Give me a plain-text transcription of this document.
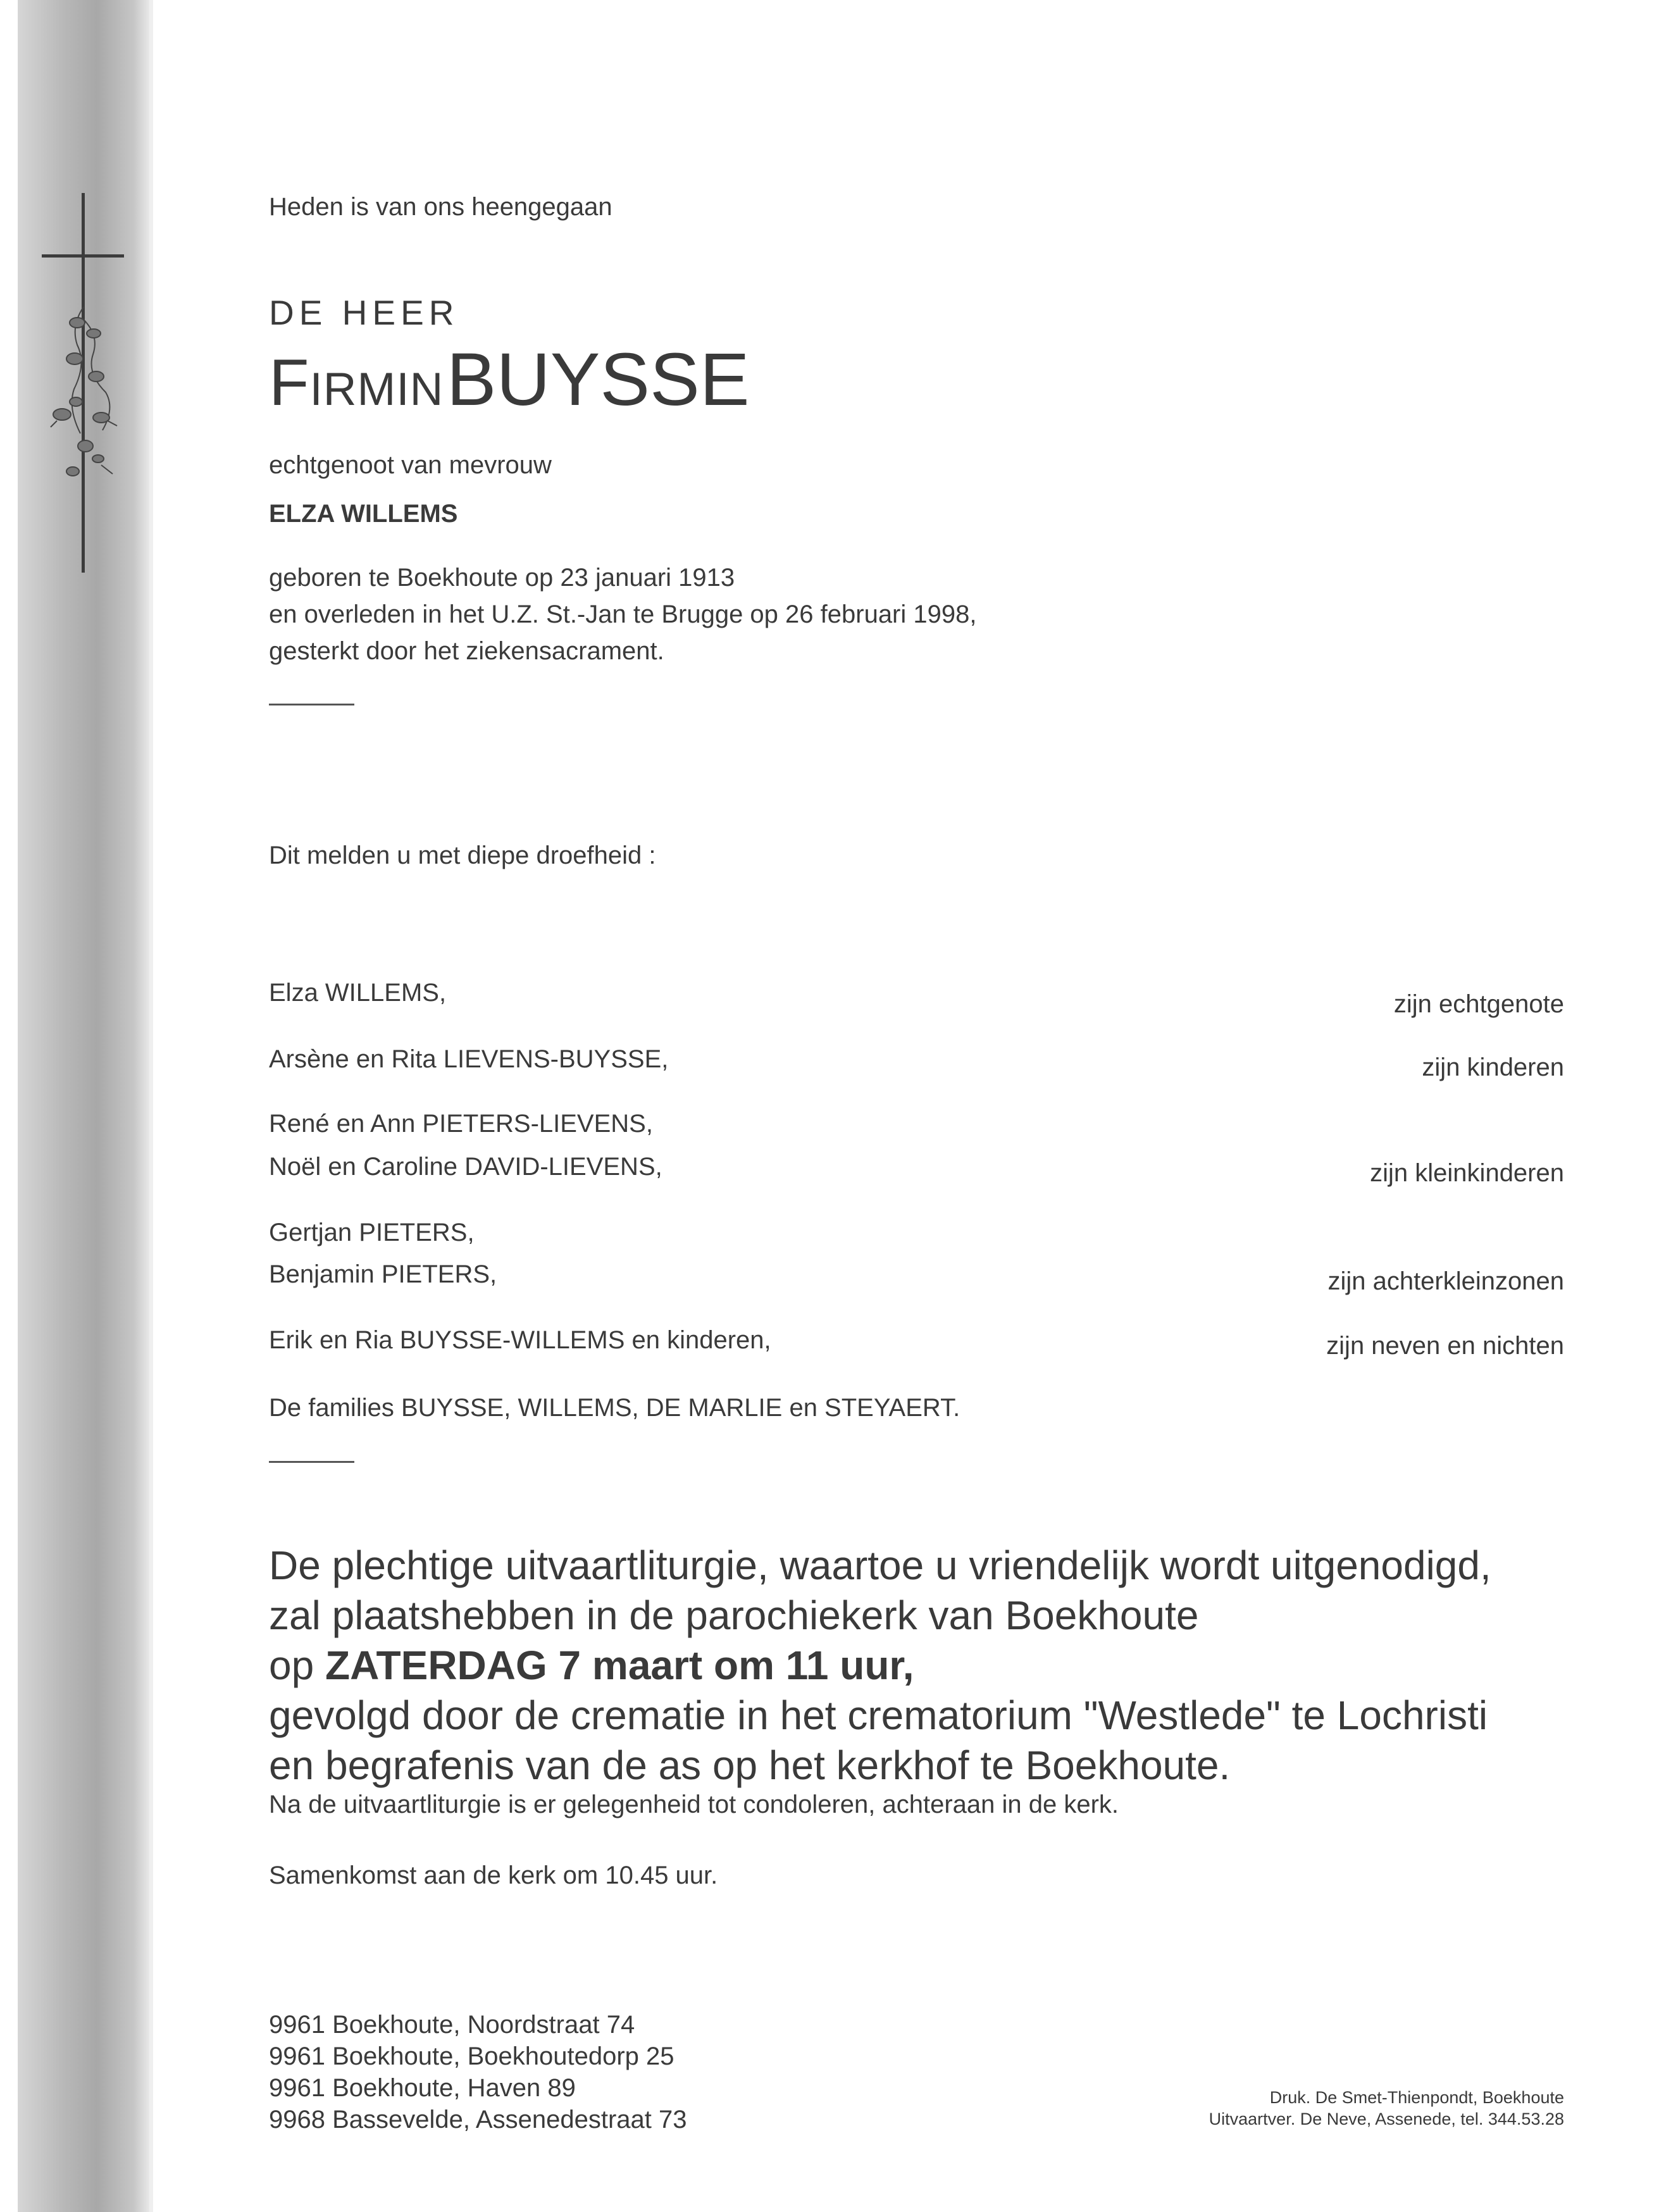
Heden is van ons heengegaan
DE HEER
Firmin BUYSSE
echtgenoot van mevrouw
ELZA WILLEMS
geboren te Boekhoute op 23 januari 1913
en overleden in het U.Z. St.-Jan te Brugge op 26 februari 1998,
gesterkt door het ziekensacrament.
Dit melden u met diepe droefheid :
Elza WILLEMS,
Arsène en Rita LIEVENS-BUYSSE,
René en Ann PIETERS-LIEVENS,
Noël en Caroline DAVID-LIEVENS,
Gertjan PIETERS,
Benjamin PIETERS,
Erik en Ria BUYSSE-WILLEMS en kinderen,
De families BUYSSE, WILLEMS, DE MARLIE en STEYAERT.
zijn echtgenote
zijn kinderen
zijn kleinkinderen
zijn achterkleinzonen
zijn neven en nichten
De plechtige uitvaartliturgie, waartoe u vriendelijk wordt uitgenodigd,
zal plaatshebben in de parochiekerk van Boekhoute
op ZATERDAG 7 maart om 11 uur,
gevolgd door de crematie in het crematorium "Westlede" te Lochristi
en begrafenis van de as op het kerkhof te Boekhoute.
Na de uitvaartliturgie is er gelegenheid tot condoleren, achteraan in de kerk.
Samenkomst aan de kerk om 10.45 uur.
9961 Boekhoute, Noordstraat 74
9961 Boekhoute, Boekhoutedorp 25
9961 Boekhoute, Haven 89
9968 Bassevelde, Assenedestraat 73
Druk. De Smet-Thienpondt, Boekhoute
Uitvaartver. De Neve, Assenede, tel. 344.53.28
